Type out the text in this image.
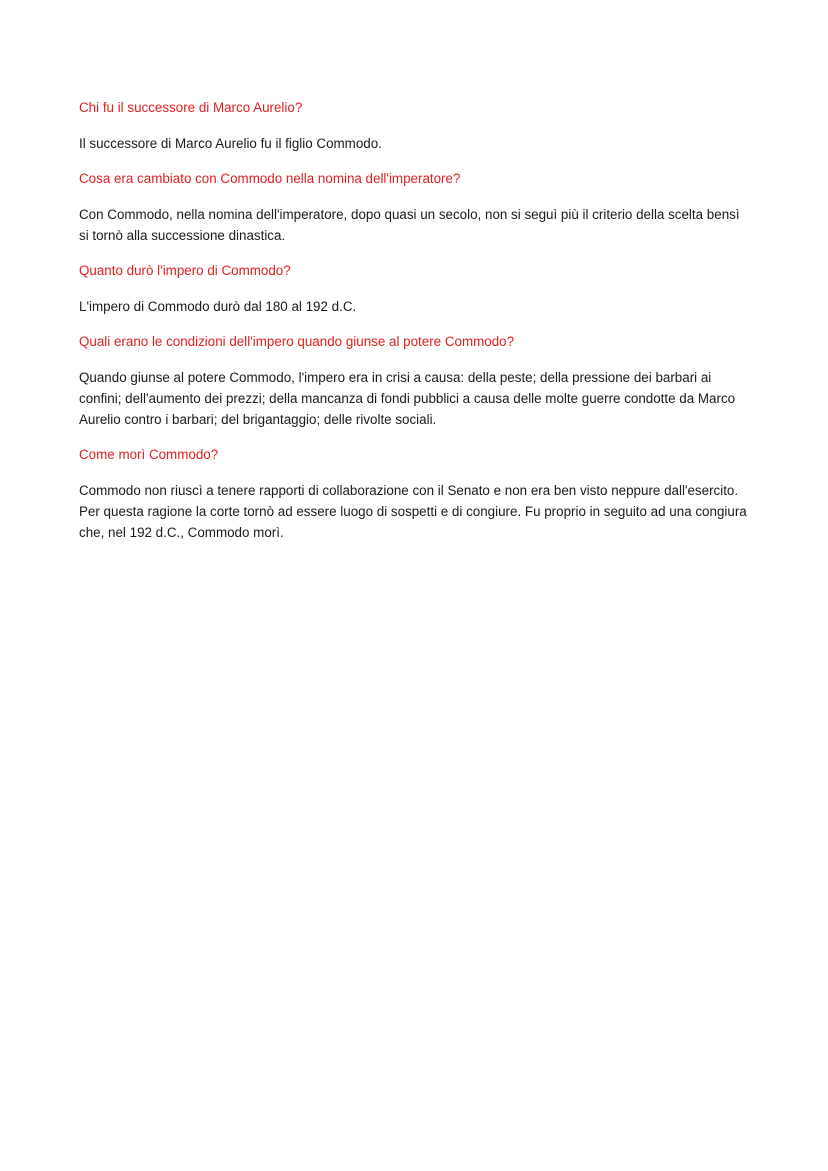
Chi fu il successore di Marco Aurelio?

Il successore di Marco Aurelio fu il figlio Commodo.

Cosa era cambiato con Commodo nella nomina dell'imperatore?

Con Commodo, nella nomina dell'imperatore, dopo quasi un secolo, non si seguì più il criterio della scelta bensì si tornò alla successione dinastica.

Quanto durò l'impero di Commodo?

L'impero di Commodo durò dal 180 al 192 d.C.

Quali erano le condizioni dell'impero quando giunse al potere Commodo?

Quando giunse al potere Commodo, l'impero era in crisi a causa: della peste; della pressione dei barbari ai confini; dell'aumento dei prezzi; della mancanza di fondi pubblici a causa delle molte guerre condotte da Marco Aurelio contro i barbari; del brigantaggio; delle rivolte sociali.

Come morì Commodo?

Commodo non riuscì a tenere rapporti di collaborazione con il Senato e non era ben visto neppure dall'esercito. Per questa ragione la corte tornò ad essere luogo di sospetti e di congiure. Fu proprio in seguito ad una congiura che, nel 192 d.C., Commodo morì.
